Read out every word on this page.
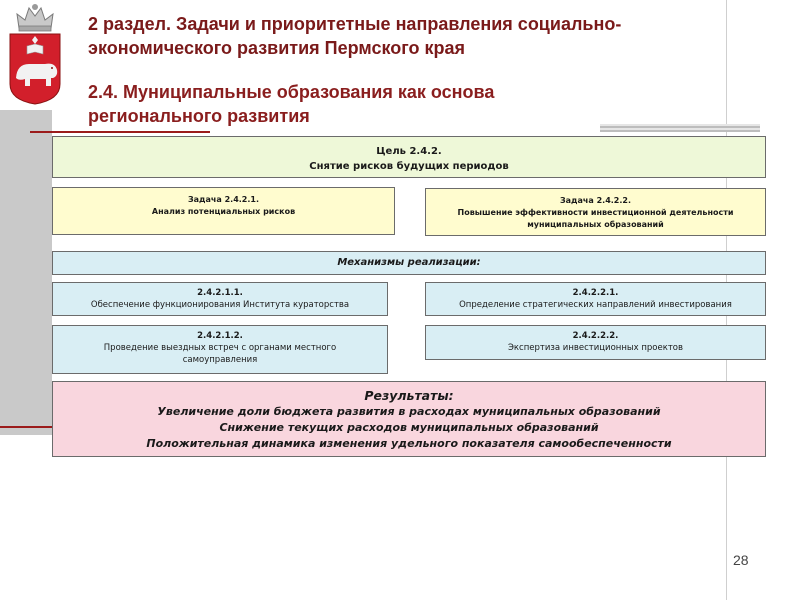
2 раздел. Задачи и приоритетные направления социально-
экономического развития Пермского края
2.4. Муниципальные образования как основа
регионального развития
Цель 2.4.2.
Снятие рисков будущих периодов
Задача 2.4.2.1.
Анализ потенциальных рисков
Задача 2.4.2.2.
Повышение эффективности инвестиционной деятельности
муниципальных образований
Механизмы реализации:
2.4.2.1.1.
Обеспечение функционирования Института кураторства
2.4.2.2.1.
Определение стратегических направлений инвестирования
2.4.2.1.2.
Проведение выездных встреч с органами местного
самоуправления
2.4.2.2.2.
Экспертиза инвестиционных проектов
Результаты:
Увеличение доли бюджета развития в расходах муниципальных образований
Снижение текущих расходов муниципальных образований
Положительная динамика изменения удельного показателя самообеспеченности
28
